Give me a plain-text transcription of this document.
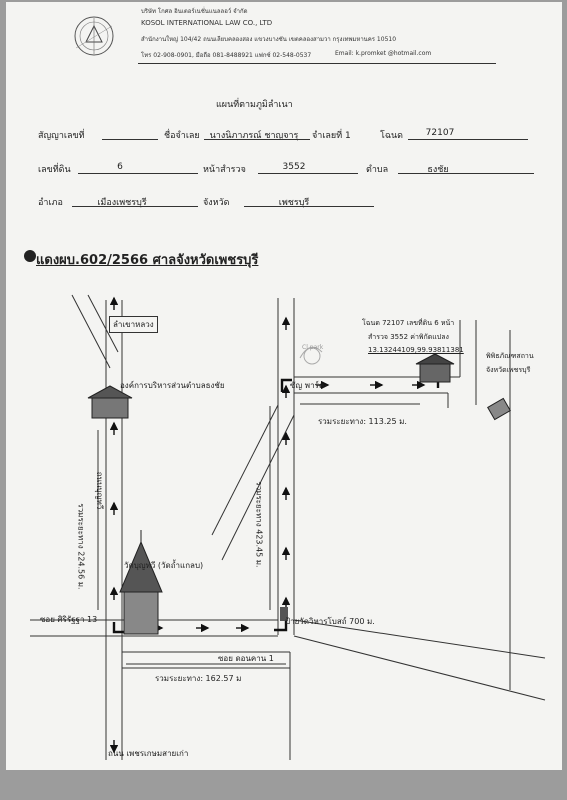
บริษัท โกศล อินเตอร์เนชั่นแนลลอว์ จำกัด
KOSOL INTERNATIONAL LAW CO., LTD
สำนักงานใหญ่ 104/42 ถนนเลียบคลองสอง แขวงบางชัน เขตคลองสามวา กรุงเทพมหานคร 10510
โทร 02-908-0901, มือถือ 081-8488921 แฟกซ์ 02-548-0537	Email: k.promket @hotmail.com
แผนที่ตามภูมิลำเนา
สัญญาเลขที่	ชื่อจำเลย	นางนิภาภรณ์ ชาญจารุ	จำเลยที่ 1	โฉนด	72107
เลขที่ดิน	6	หน้าสำรวจ	3552	ตำบล	ธงชัย
อำเภอ	เมืองเพชรบุรี	จังหวัด	เพชรบุรี
แดงผบ.602/2566 ศาลจังหวัดเพชรบุรี
ลำเขาหลวง
องค์การบริหารส่วนตำบลธงชัย
วัดบุญทวี (วัดถ้ำแกลบ)
ซอย ศิริรัฐฐา 13
ซอย ดอนคาน 1
ป้ายวัดวิหารโบสถ์ 700 ม.
ซัญ พาร์ค-
รวมระยะทาง: 113.25 ม.
รวมระยะทาง: 162.57 ม
โฉนด 72107 เลขที่ดิน 6 หน้า
สำรวจ 3552 ค่าพิกัดแปลง
13.13244109,99.93811381
พิพิธภัณฑสถาน
จังหวัดเพชรบุรี
Cl park
ถนน เพชรเกษมสายเก่า
รวมระยะทาง 224.56 ม.
ถนนบุญทวี	รวมระยะทาง 423.45 ม.
